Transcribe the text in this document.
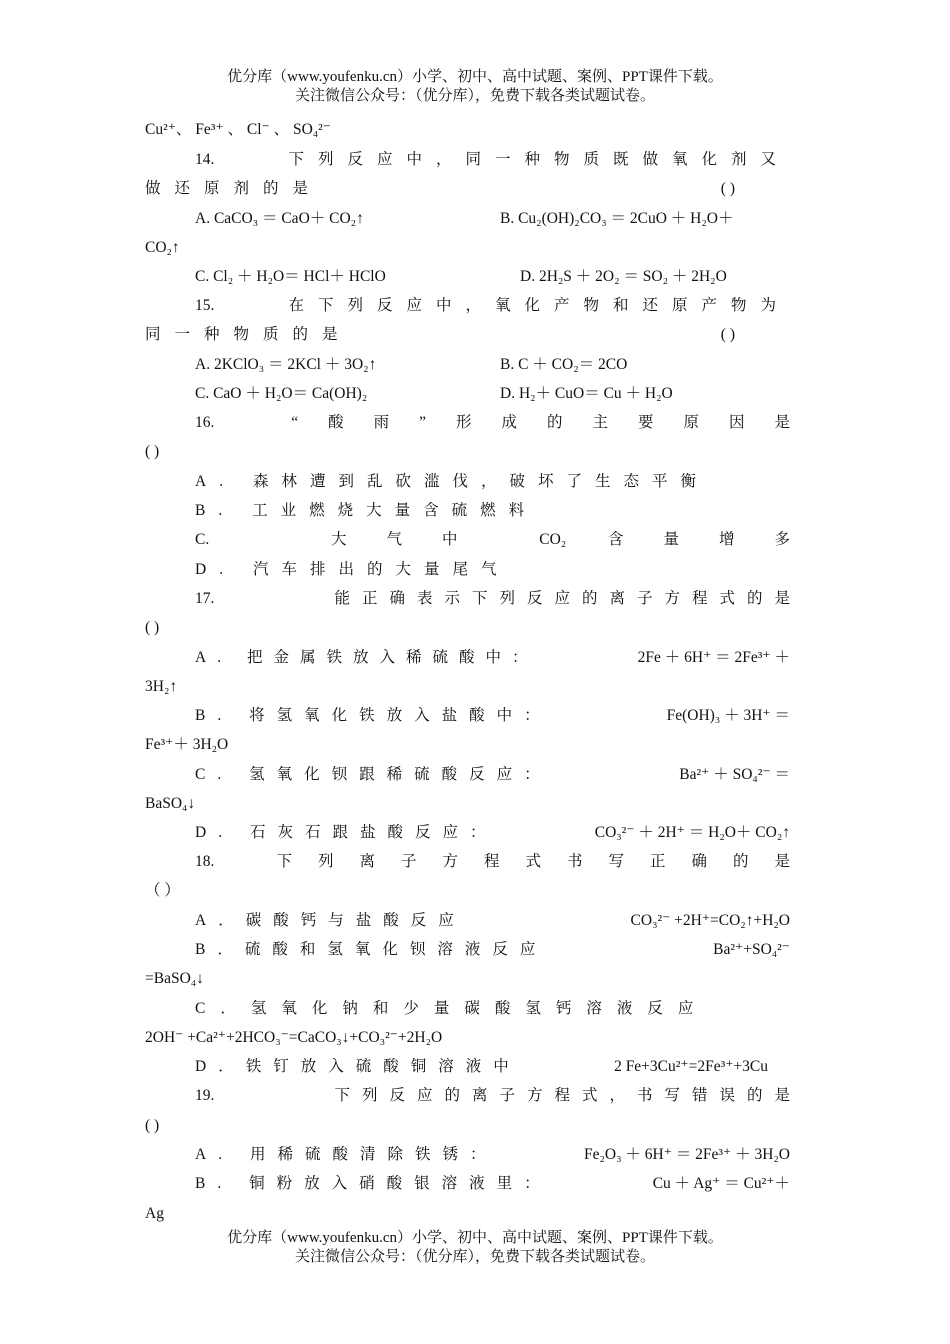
优分库（www.youfenku.cn）小学、初中、高中试题、案例、PPT课件下载。
关注微信公众号：（优分库），免费下载各类试题试卷。
Cu²⁺、 Fe³⁺ 、 Cl⁻ 、 SO₄²⁻
14.	下列反应中，同一种物质既做氧化剂又
做还原剂的是	( )
A. CaCO₃ ＝ CaO＋ CO₂↑	B. Cu₂(OH)₂CO₃ ＝ 2CuO ＋ H₂O＋
CO₂↑
C. Cl₂ ＋ H₂O＝ HCl＋ HClO	D. 2H₂S ＋ 2O₂ ＝ SO₂ ＋ 2H₂O
15.	在下列反应中，氧化产物和还原产物为
同一种物质的是	( )
A. 2KClO₃ ＝ 2KCl ＋ 3O₂↑	B. C ＋ CO₂＝ 2CO
C. CaO ＋ H₂O＝ Ca(OH)₂	D. H₂＋ CuO＝ Cu ＋ H₂O
16.	“酸雨”形成的主要原因是
( )
A. 森林遭到乱砍滥伐，破坏了生态平衡
B. 工业燃烧大量含硫燃料
C.	大气中	CO₂	含量增多
D. 汽车排出的大量尾气
17.	能正确表示下列反应的离子方程式的是
( )
A. 把金属铁放入稀硫酸中：	2Fe ＋ 6H⁺ ＝ 2Fe³⁺ ＋
3H₂↑
B. 将氢氧化铁放入盐酸中：	Fe(OH)₃ ＋ 3H⁺ ＝
Fe³⁺＋ 3H₂O
C. 氢氧化钡跟稀硫酸反应：	Ba²⁺ ＋ SO₄²⁻ ＝
BaSO₄↓
D. 石灰石跟盐酸反应：	CO₃²⁻ ＋ 2H⁺ ＝ H₂O＋ CO₂↑
18.	下列离子方程式书写正确的是
（ ）
A．碳酸钙与盐酸反应	CO₃²⁻ +2H⁺=CO₂↑+H₂O
B．硫酸和氢氧化钡溶液反应	Ba²⁺+SO₄²⁻
=BaSO₄↓
C．氢氧化钠和少量碳酸氢钙溶液反应
2OH⁻ +Ca²⁺+2HCO₃⁻=CaCO₃↓+CO₃²⁻+2H₂O
D．铁钉放入硫酸铜溶液中	2 Fe+3Cu²⁺=2Fe³⁺+3Cu
19.	下列反应的离子方程式，书写错误的是
( )
A. 用稀硫酸清除铁锈：	Fe₂O₃ ＋ 6H⁺ ＝ 2Fe³⁺ ＋ 3H₂O
B. 铜粉放入硝酸银溶液里：	Cu ＋ Ag⁺ ＝ Cu²⁺＋
Ag
优分库（www.youfenku.cn）小学、初中、高中试题、案例、PPT课件下载。
关注微信公众号：（优分库），免费下载各类试题试卷。
